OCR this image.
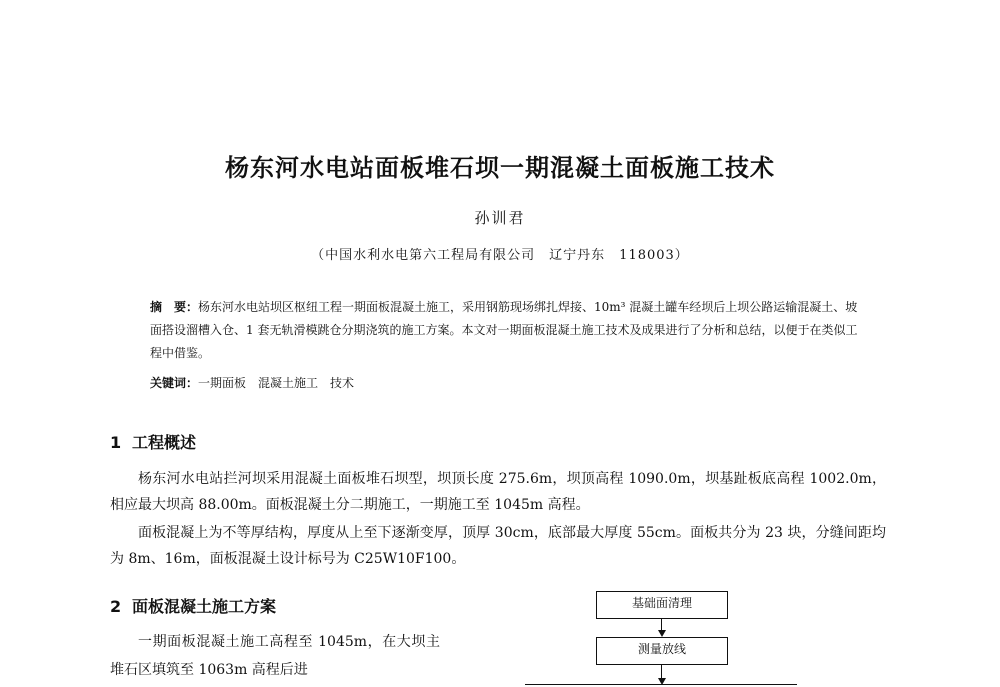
杨东河水电站面板堆石坝一期混凝土面板施工技术
孙训君
（中国水利水电第六工程局有限公司　辽宁丹东　118003）
摘　要：杨东河水电站坝区枢纽工程一期面板混凝土施工，采用钢筋现场绑扎焊接、10m³ 混凝土罐车经坝后上坝公路运输混凝土、坡面搭设溜槽入仓、1 套无轨滑模跳仓分期浇筑的施工方案。本文对一期面板混凝土施工技术及成果进行了分析和总结，以便于在类似工程中借鉴。
关键词：一期面板　混凝土施工　技术
1 工程概述
杨东河水电站拦河坝采用混凝土面板堆石坝型，坝顶长度 275.6m，坝顶高程 1090.0m，坝基趾板底高程 1002.0m，相应最大坝高 88.00m。面板混凝土分二期施工，一期施工至 1045m 高程。
面板混凝上为不等厚结构，厚度从上至下逐渐变厚，顶厚 30cm，底部最大厚度 55cm。面板共分为 23 块，分缝间距均为 8m、16m，面板混凝土设计标号为 C25W10F100。
2 面板混凝土施工方案
一期面板混凝土施工高程至 1045m，在大坝主堆石区填筑至 1063m 高程后进
基础面清理
测量放线
